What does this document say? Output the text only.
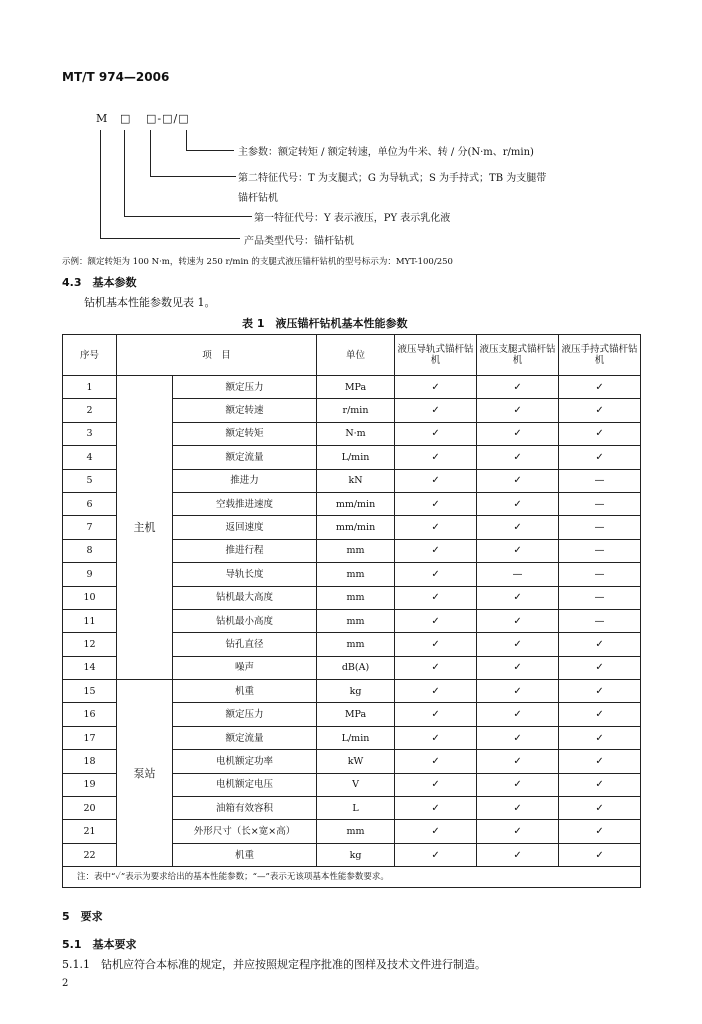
MT/T 974—2006
M □ □-□/□
主参数：额定转矩 / 额定转速，单位为牛米、转 / 分(N·m、r/min)
第二特征代号：T 为支腿式；G 为导轨式；S 为手持式；TB 为支腿带
锚杆钻机
第一特征代号：Y 表示液压，PY 表示乳化液
产品类型代号：锚杆钻机
示例：额定转矩为 100 N·m，转速为 250 r/min 的支腿式液压锚杆钻机的型号标示为：MYT-100/250
4.3　基本参数
钻机基本性能参数见表 1。
表 1　液压锚杆钻机基本性能参数
序号	项　目		单位	液压导轨式锚杆钻机	液压支腿式锚杆钻机	液压手持式锚杆钻机
1	主机	额定压力	MPa	✓	✓	✓
2		额定转速	r/min	✓	✓	✓
3		额定转矩	N·m	✓	✓	✓
4		额定流量	L/min	✓	✓	✓
5		推进力	kN	✓	✓	—
6		空载推进速度	mm/min	✓	✓	—
7		返回速度	mm/min	✓	✓	—
8		推进行程	mm	✓	✓	—
9		导轨长度	mm	✓	—	—
10		钻机最大高度	mm	✓	✓	—
11		钻机最小高度	mm	✓	✓	—
12		钻孔直径	mm	✓	✓	✓
14		噪声	dB(A)	✓	✓	✓
15	泵站	机重	kg	✓	✓	✓
16		额定压力	MPa	✓	✓	✓
17		额定流量	L/min	✓	✓	✓
18		电机额定功率	kW	✓	✓	✓
19		电机额定电压	V	✓	✓	✓
20		油箱有效容积	L	✓	✓	✓
21		外形尺寸（长×宽×高）	mm	✓	✓	✓
22		机重	kg	✓	✓	✓
注：表中“✓”表示为要求给出的基本性能参数；“—”表示无该项基本性能参数要求。						
5　要求
5.1　基本要求
5.1.1　钻机应符合本标准的规定，并应按照规定程序批准的图样及技术文件进行制造。
2
